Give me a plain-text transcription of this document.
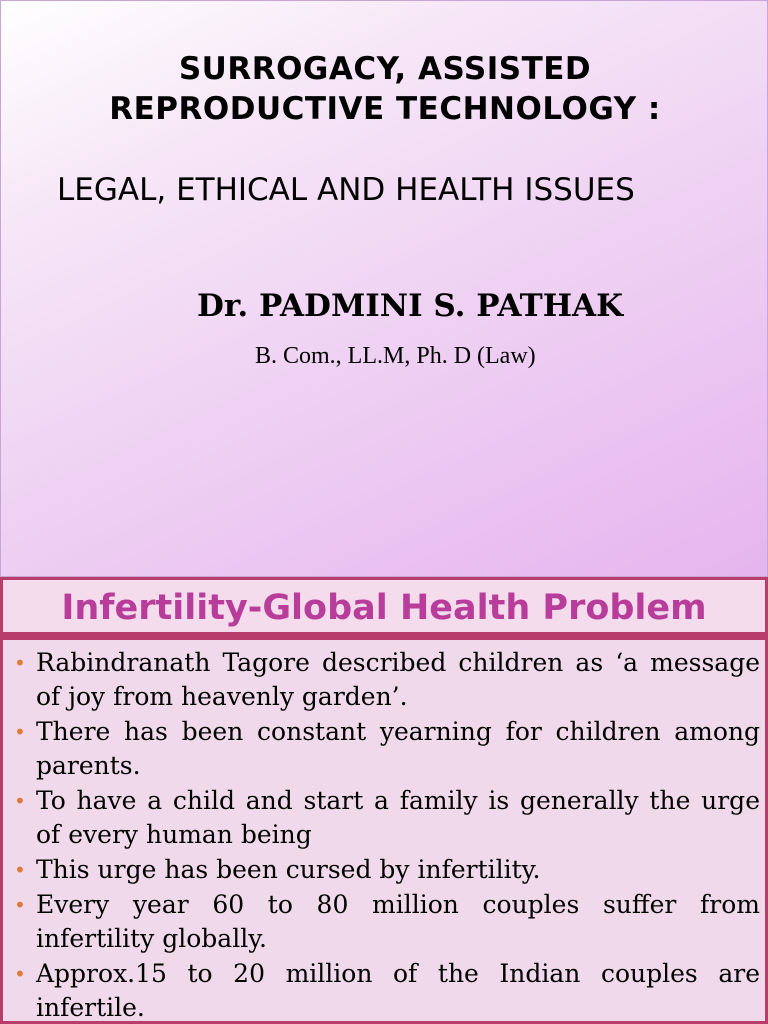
SURROGACY, ASSISTED
REPRODUCTIVE TECHNOLOGY :
LEGAL, ETHICAL AND HEALTH ISSUES
Dr. PADMINI S. PATHAK
B. Com., LL.M, Ph. D (Law)
Infertility-Global Health Problem
• Rabindranath Tagore described children as ‘a message of joy from heavenly garden’.
• There has been constant yearning for children among parents.
• To have a child and start a family is generally the urge of every human being
• This urge has been cursed by infertility.
• Every year 60 to 80 million couples suffer from infertility globally.
• Approx.15 to 20 million of the Indian couples are infertile.
